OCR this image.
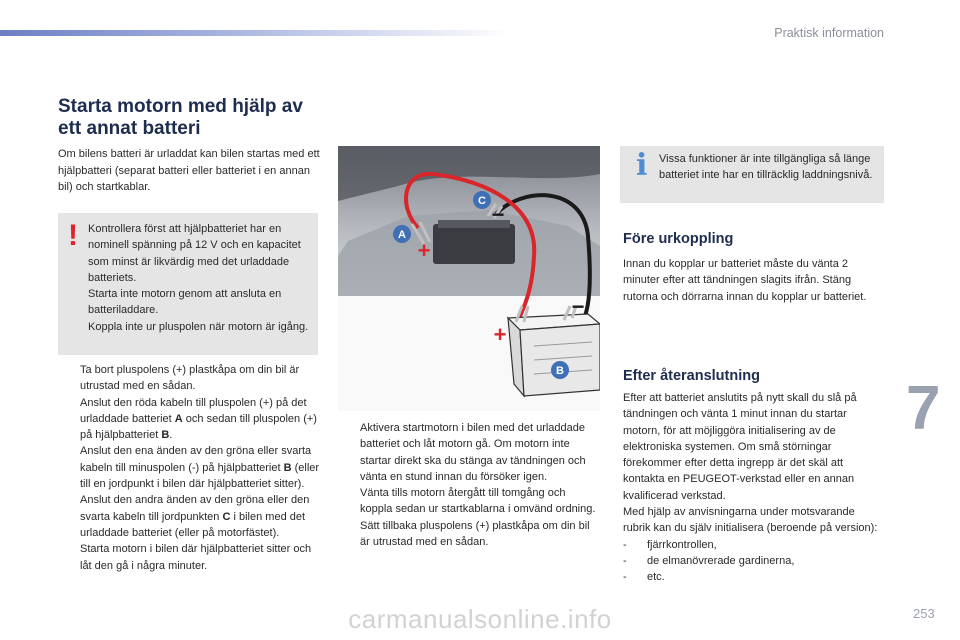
Praktisk information
7
253
carmanualsonline.info
Starta motorn med hjälp av ett annat batteri
Om bilens batteri är urladdat kan bilen startas med ett hjälpbatteri (separat batteri eller batteriet i en annan bil) och startkablar.
! Kontrollera först att hjälpbatteriet har en nominell spänning på 12 V och en kapacitet som minst är likvärdig med det urladdade batteriets.
Starta inte motorn genom att ansluta en batteriladdare.
Koppla inte ur pluspolen när motorn är igång.
Ta bort pluspolens (+) plastkåpa om din bil är utrustad med en sådan.
Anslut den röda kabeln till pluspolen (+) på det urladdade batteriet A och sedan till pluspolen (+) på hjälpbatteriet B.
Anslut den ena änden av den gröna eller svarta kabeln till minuspolen (-) på hjälpbatteriet B (eller till en jordpunkt i bilen där hjälpbatteriet sitter).
Anslut den andra änden av den gröna eller den svarta kabeln till jordpunkten C i bilen med det urladdade batteriet (eller på motorfästet).
Starta motorn i bilen där hjälpbatteriet sitter och låt den gå i några minuter.
A
C
+
−
+
−
B
Aktivera startmotorn i bilen med det urladdade batteriet och låt motorn gå. Om motorn inte startar direkt ska du stänga av tändningen och vänta en stund innan du försöker igen.
Vänta tills motorn återgått till tomgång och koppla sedan ur startkablarna i omvänd ordning.
Sätt tillbaka pluspolens (+) plastkåpa om din bil är utrustad med en sådan.
i Vissa funktioner är inte tillgängliga så länge batteriet inte har en tillräcklig laddningsnivå.
Före urkoppling
Innan du kopplar ur batteriet måste du vänta 2 minuter efter att tändningen slagits ifrån. Stäng rutorna och dörrarna innan du kopplar ur batteriet.
Efter återanslutning
Efter att batteriet anslutits på nytt skall du slå på tändningen och vänta 1 minut innan du startar motorn, för att möjliggöra initialisering av de elektroniska systemen. Om små störningar förekommer efter detta ingrepp är det skäl att kontakta en PEUGEOT-verkstad eller en annan kvalificerad verkstad.
Med hjälp av anvisningarna under motsvarande rubrik kan du själv initialisera (beroende på version):
- fjärrkontrollen,
- de elmanövrerade gardinerna,
- etc.
